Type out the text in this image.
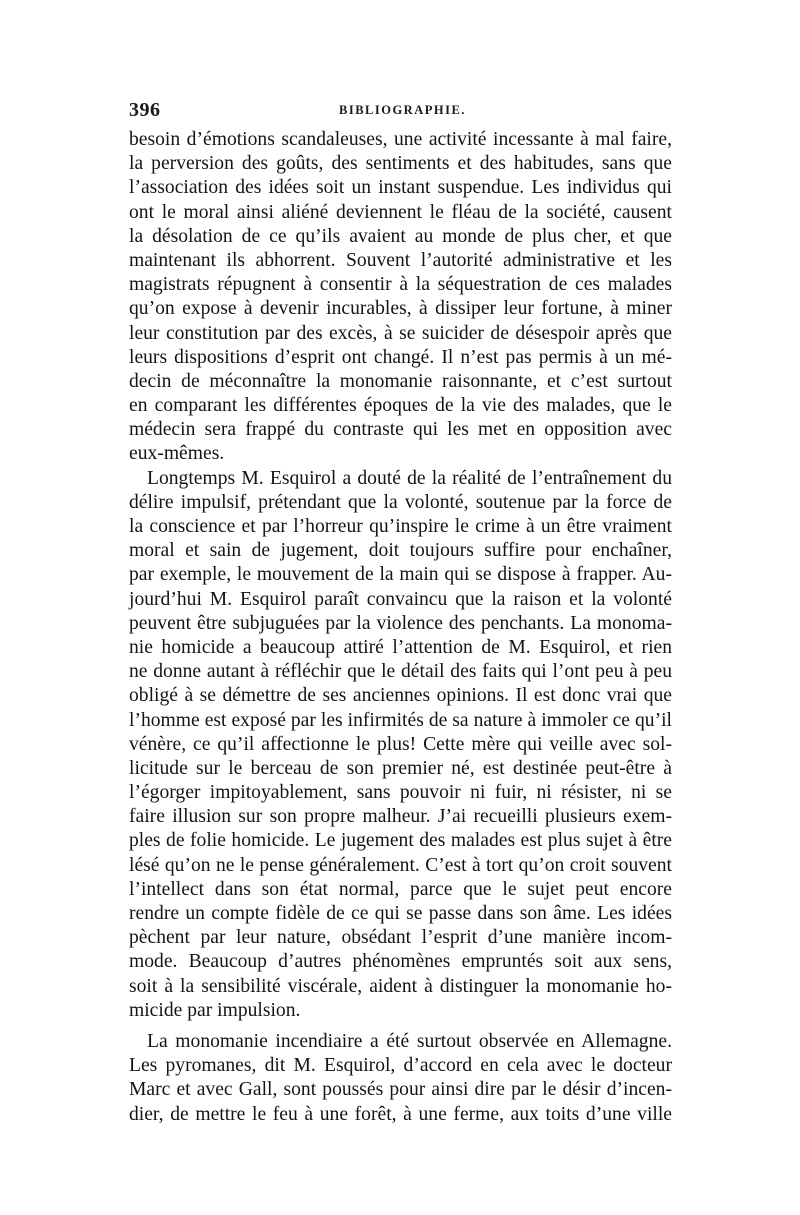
396	BIBLIOGRAPHIE.
besoin d’émotions scandaleuses, une activité incessante à mal faire,
la perversion des goûts, des sentiments et des habitudes, sans que
l’association des idées soit un instant suspendue. Les individus qui
ont le moral ainsi aliéné deviennent le fléau de la société, causent
la désolation de ce qu’ils avaient au monde de plus cher, et que
maintenant ils abhorrent. Souvent l’autorité administrative et les
magistrats répugnent à consentir à la séquestration de ces malades
qu’on expose à devenir incurables, à dissiper leur fortune, à miner
leur constitution par des excès, à se suicider de désespoir après que
leurs dispositions d’esprit ont changé. Il n’est pas permis à un mé-
decin de méconnaître la monomanie raisonnante, et c’est surtout
en comparant les différentes époques de la vie des malades, que le
médecin sera frappé du contraste qui les met en opposition avec
eux-mêmes.
Longtemps M. Esquirol a douté de la réalité de l’entraînement du
délire impulsif, prétendant que la volonté, soutenue par la force de
la conscience et par l’horreur qu’inspire le crime à un être vraiment
moral et sain de jugement, doit toujours suffire pour enchaîner,
par exemple, le mouvement de la main qui se dispose à frapper. Au-
jourd’hui M. Esquirol paraît convaincu que la raison et la volonté
peuvent être subjuguées par la violence des penchants. La monoma-
nie homicide a beaucoup attiré l’attention de M. Esquirol, et rien
ne donne autant à réfléchir que le détail des faits qui l’ont peu à peu
obligé à se démettre de ses anciennes opinions. Il est donc vrai que
l’homme est exposé par les infirmités de sa nature à immoler ce qu’il
vénère, ce qu’il affectionne le plus! Cette mère qui veille avec sol-
licitude sur le berceau de son premier né, est destinée peut-être à
l’égorger impitoyablement, sans pouvoir ni fuir, ni résister, ni se
faire illusion sur son propre malheur. J’ai recueilli plusieurs exem-
ples de folie homicide. Le jugement des malades est plus sujet à être
lésé qu’on ne le pense généralement. C’est à tort qu’on croit souvent
l’intellect dans son état normal, parce que le sujet peut encore
rendre un compte fidèle de ce qui se passe dans son âme. Les idées
pèchent par leur nature, obsédant l’esprit d’une manière incom-
mode. Beaucoup d’autres phénomènes empruntés soit aux sens,
soit à la sensibilité viscérale, aident à distinguer la monomanie ho-
micide par impulsion.
La monomanie incendiaire a été surtout observée en Allemagne.
Les pyromanes, dit M. Esquirol, d’accord en cela avec le docteur
Marc et avec Gall, sont poussés pour ainsi dire par le désir d’incen-
dier, de mettre le feu à une forêt, à une ferme, aux toits d’une ville
